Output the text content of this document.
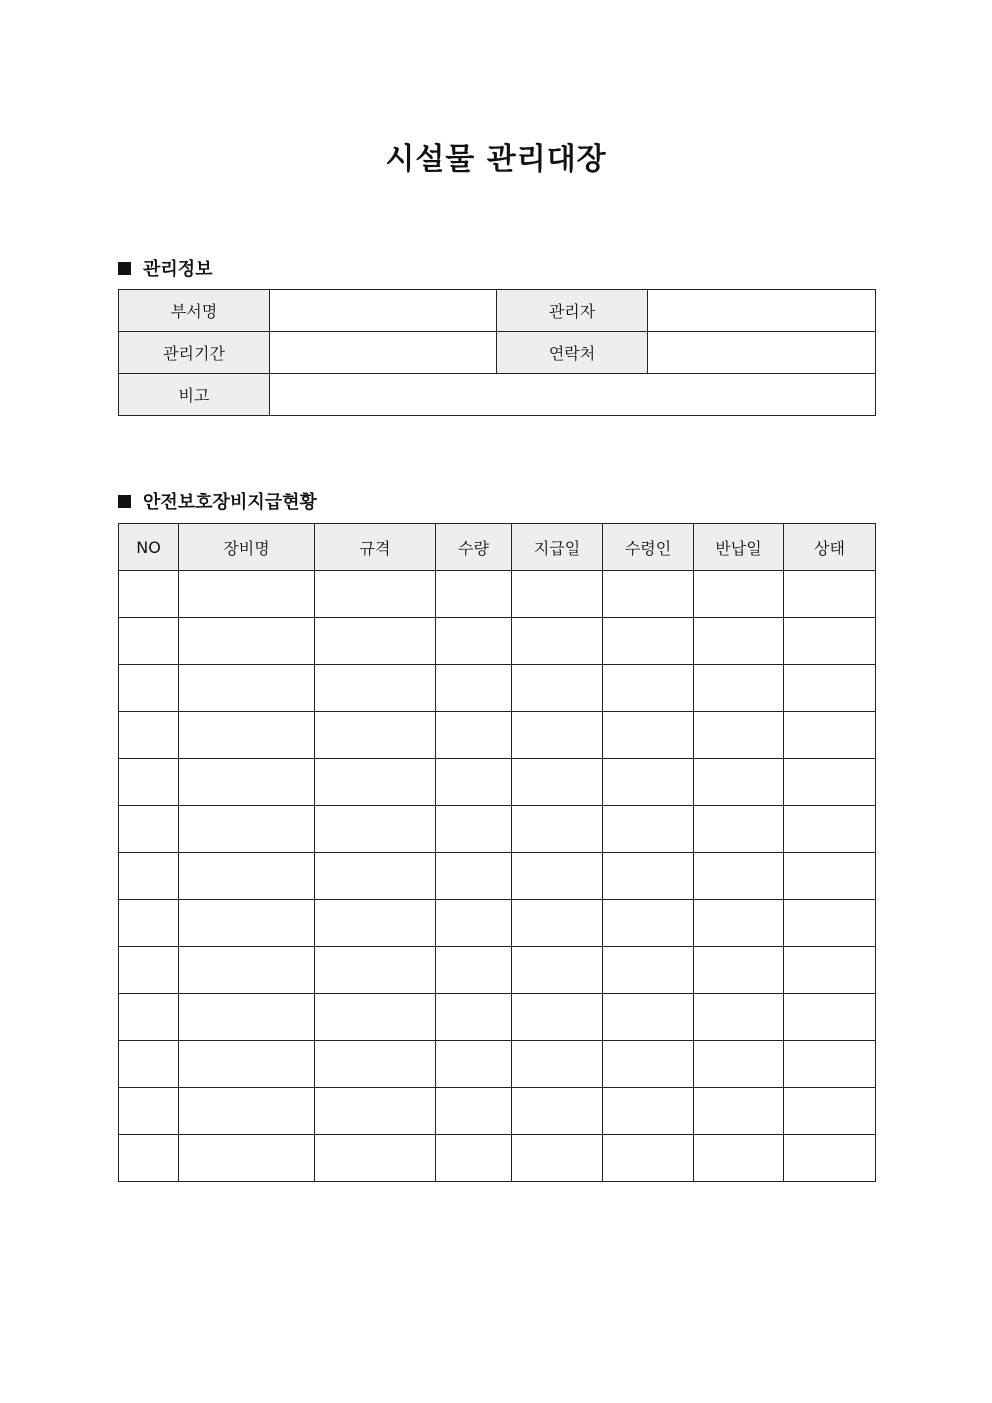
시설물 관리대장
관리정보
부서명		관리자	
관리기간		연락처	
비고			
안전보호장비지급현황
NO	장비명	규격	수량	지급일	수령인	반납일	상태
